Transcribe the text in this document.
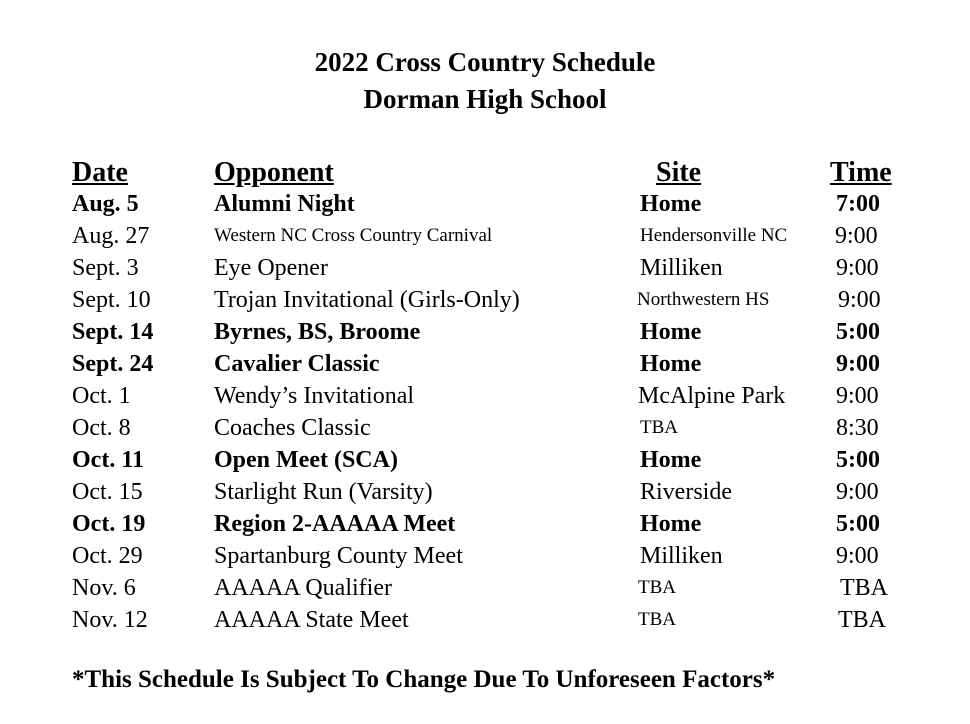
2022 Cross Country Schedule
Dorman High School
Date	Opponent	Site	Time
Aug. 5	Alumni Night	Home	7:00
Aug. 27	Western NC Cross Country Carnival	Hendersonville NC 9:00
Sept. 3	Eye Opener	Milliken	9:00
Sept. 10	Trojan Invitational (Girls-Only)	Northwestern HS	9:00
Sept. 14	Byrnes, BS, Broome	Home	5:00
Sept. 24	Cavalier Classic	Home	9:00
Oct. 1	Wendy’s Invitational	McAlpine Park 9:00
Oct. 8	Coaches Classic	TBA	8:30
Oct. 11	Open Meet (SCA)	Home	5:00
Oct. 15	Starlight Run (Varsity)	Riverside	9:00
Oct. 19	Region 2-AAAAA Meet	Home	5:00
Oct. 29	Spartanburg County Meet	Milliken	9:00
Nov. 6	AAAAA Qualifier	TBA	TBA
Nov. 12	AAAAA State Meet	TBA	TBA
*This Schedule Is Subject To Change Due To Unforeseen Factors*
